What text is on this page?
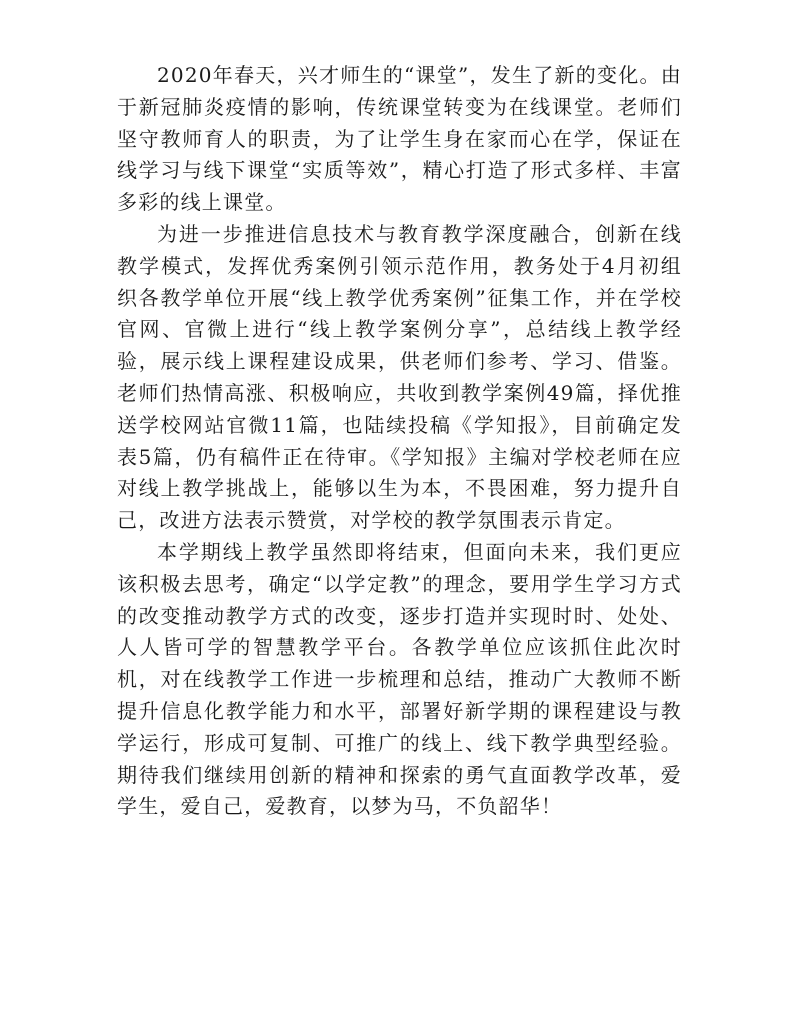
2020年春天，兴才师生的“课堂”，发生了新的变化。由于新冠肺炎疫情的影响，传统课堂转变为在线课堂。老师们坚守教师育人的职责，为了让学生身在家而心在学，保证在线学习与线下课堂“实质等效”，精心打造了形式多样、丰富多彩的线上课堂。

为进一步推进信息技术与教育教学深度融合，创新在线教学模式，发挥优秀案例引领示范作用，教务处于4月初组织各教学单位开展“线上教学优秀案例”征集工作，并在学校官网、官微上进行“线上教学案例分享”，总结线上教学经验，展示线上课程建设成果，供老师们参考、学习、借鉴。老师们热情高涨、积极响应，共收到教学案例49篇，择优推送学校网站官微11篇，也陆续投稿《学知报》，目前确定发表5篇，仍有稿件正在待审。《学知报》主编对学校老师在应对线上教学挑战上，能够以生为本，不畏困难，努力提升自己，改进方法表示赞赏，对学校的教学氛围表示肯定。

本学期线上教学虽然即将结束，但面向未来，我们更应该积极去思考，确定“以学定教”的理念，要用学生学习方式的改变推动教学方式的改变，逐步打造并实现时时、处处、人人皆可学的智慧教学平台。各教学单位应该抓住此次时机，对在线教学工作进一步梳理和总结，推动广大教师不断提升信息化教学能力和水平，部署好新学期的课程建设与教学运行，形成可复制、可推广的线上、线下教学典型经验。期待我们继续用创新的精神和探索的勇气直面教学改革，爱学生，爱自己，爱教育，以梦为马，不负韶华！
